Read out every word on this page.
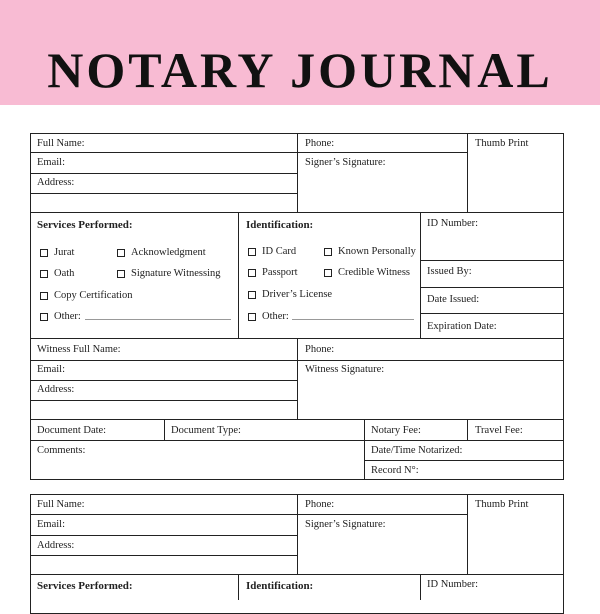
NOTARY JOURNAL
Full Name:	Phone:	Thumb Print
Email:	Signer’s Signature:
Address:
Services Performed:
Jurat	Acknowledgment
Oath	Signature Witnessing
Copy Certification
Other:
Identification:
ID Card	Known Personally
Passport	Credible Witness
Driver’s License
Other:
ID Number:
Issued By:
Date Issued:
Expiration Date:
Witness Full Name:	Phone:
Email:	Witness Signature:
Address:
Document Date:	Document Type:	Notary Fee:	Travel Fee:
Comments:	Date/Time Notarized:
Record N°:
Full Name:	Phone:	Thumb Print
Email:	Signer’s Signature:
Address:
Services Performed:	Identification:	ID Number:
